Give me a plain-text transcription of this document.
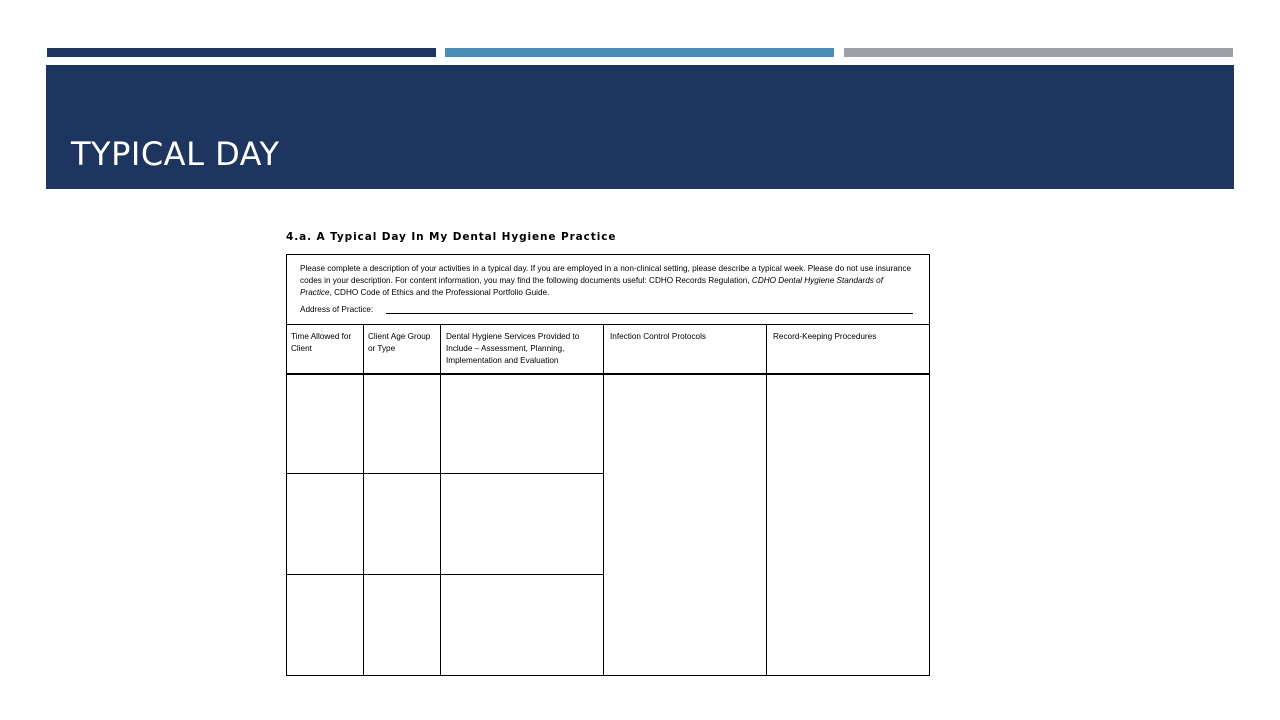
TYPICAL DAY
4.a. A Typical Day In My Dental Hygiene Practice
Please complete a description of your activities in a typical day. If you are employed in a non-clinical setting, please describe a typical week. Please do not use insurance codes in your description. For content information, you may find the following documents useful: CDHO Records Regulation, CDHO Dental Hygiene Standards of Practice, CDHO Code of Ethics and the Professional Portfolio Guide.
Address of Practice:
Time Allowed for Client
Client Age Group or Type
Dental Hygiene Services Provided to Include – Assessment, Planning, Implementation and Evaluation
Infection Control Protocols	Record-Keeping Procedures
